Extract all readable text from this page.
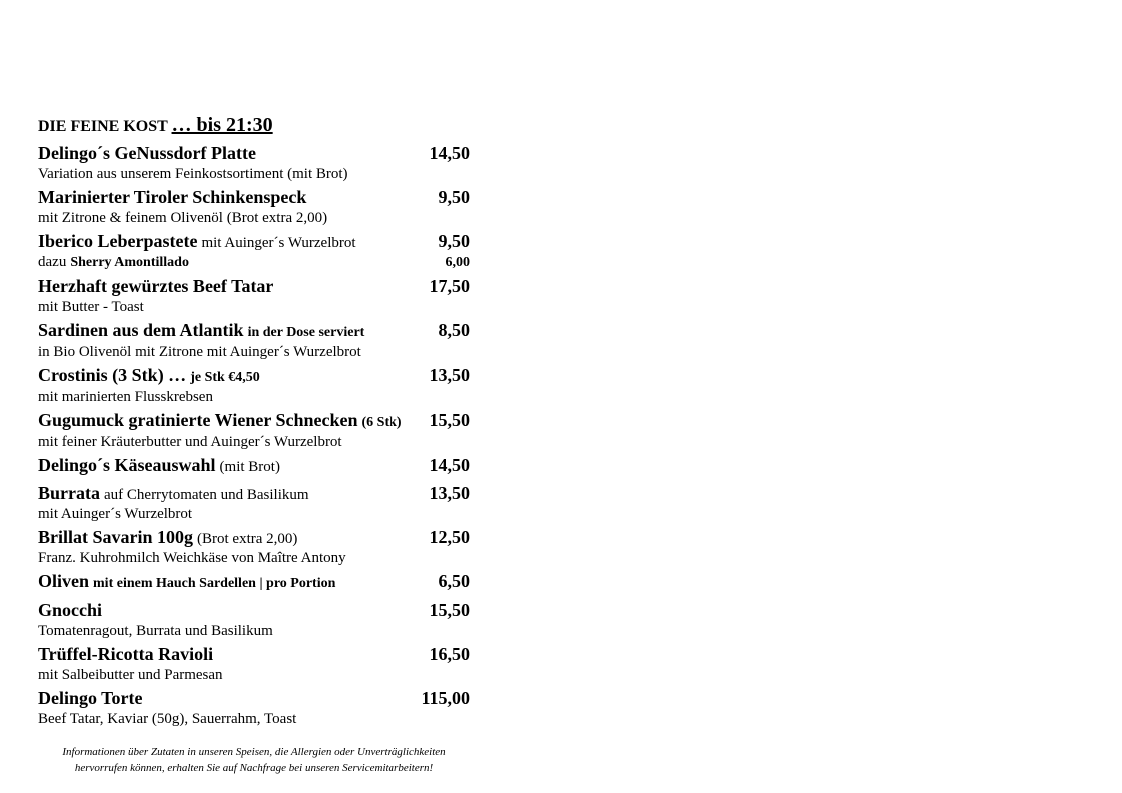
DIE FEINE KOST … bis 21:30
Delingo´s GeNussdorf Platte	14,50
Variation aus unserem Feinkostsortiment (mit Brot)
Marinierter Tiroler Schinkenspeck	9,50
mit Zitrone & feinem Olivenöl (Brot extra 2,00)
Iberico Leberpastete mit Auinger´s Wurzelbrot	9,50
dazu Sherry Amontillado	6,00
Herzhaft gewürztes Beef Tatar	17,50
mit Butter - Toast
Sardinen aus dem Atlantik in der Dose serviert	8,50
in Bio Olivenöl mit Zitrone mit Auinger´s Wurzelbrot
Crostinis (3 Stk) … je Stk €4,50	13,50
mit marinierten Flusskrebsen
Gugumuck gratinierte Wiener Schnecken (6 Stk) 15,50
mit feiner Kräuterbutter und Auinger´s Wurzelbrot
Delingo´s Käseauswahl (mit Brot)	14,50
Burrata auf Cherrytomaten und Basilikum	13,50
mit Auinger´s Wurzelbrot
Brillat Savarin 100g (Brot extra 2,00)	12,50
Franz. Kuhrohmilch Weichkäse von Maître Antony
Oliven mit einem Hauch Sardellen | pro Portion	6,50
Gnocchi	15,50
Tomatenragout, Burrata und Basilikum
Trüffel-Ricotta Ravioli	16,50
mit Salbeibutter und Parmesan
Delingo Torte	115,00
Beef Tatar, Kaviar (50g), Sauerrahm, Toast
Informationen über Zutaten in unseren Speisen, die Allergien oder Unverträglichkeiten
hervorrufen können, erhalten Sie auf Nachfrage bei unseren Servicemitarbeitern!
